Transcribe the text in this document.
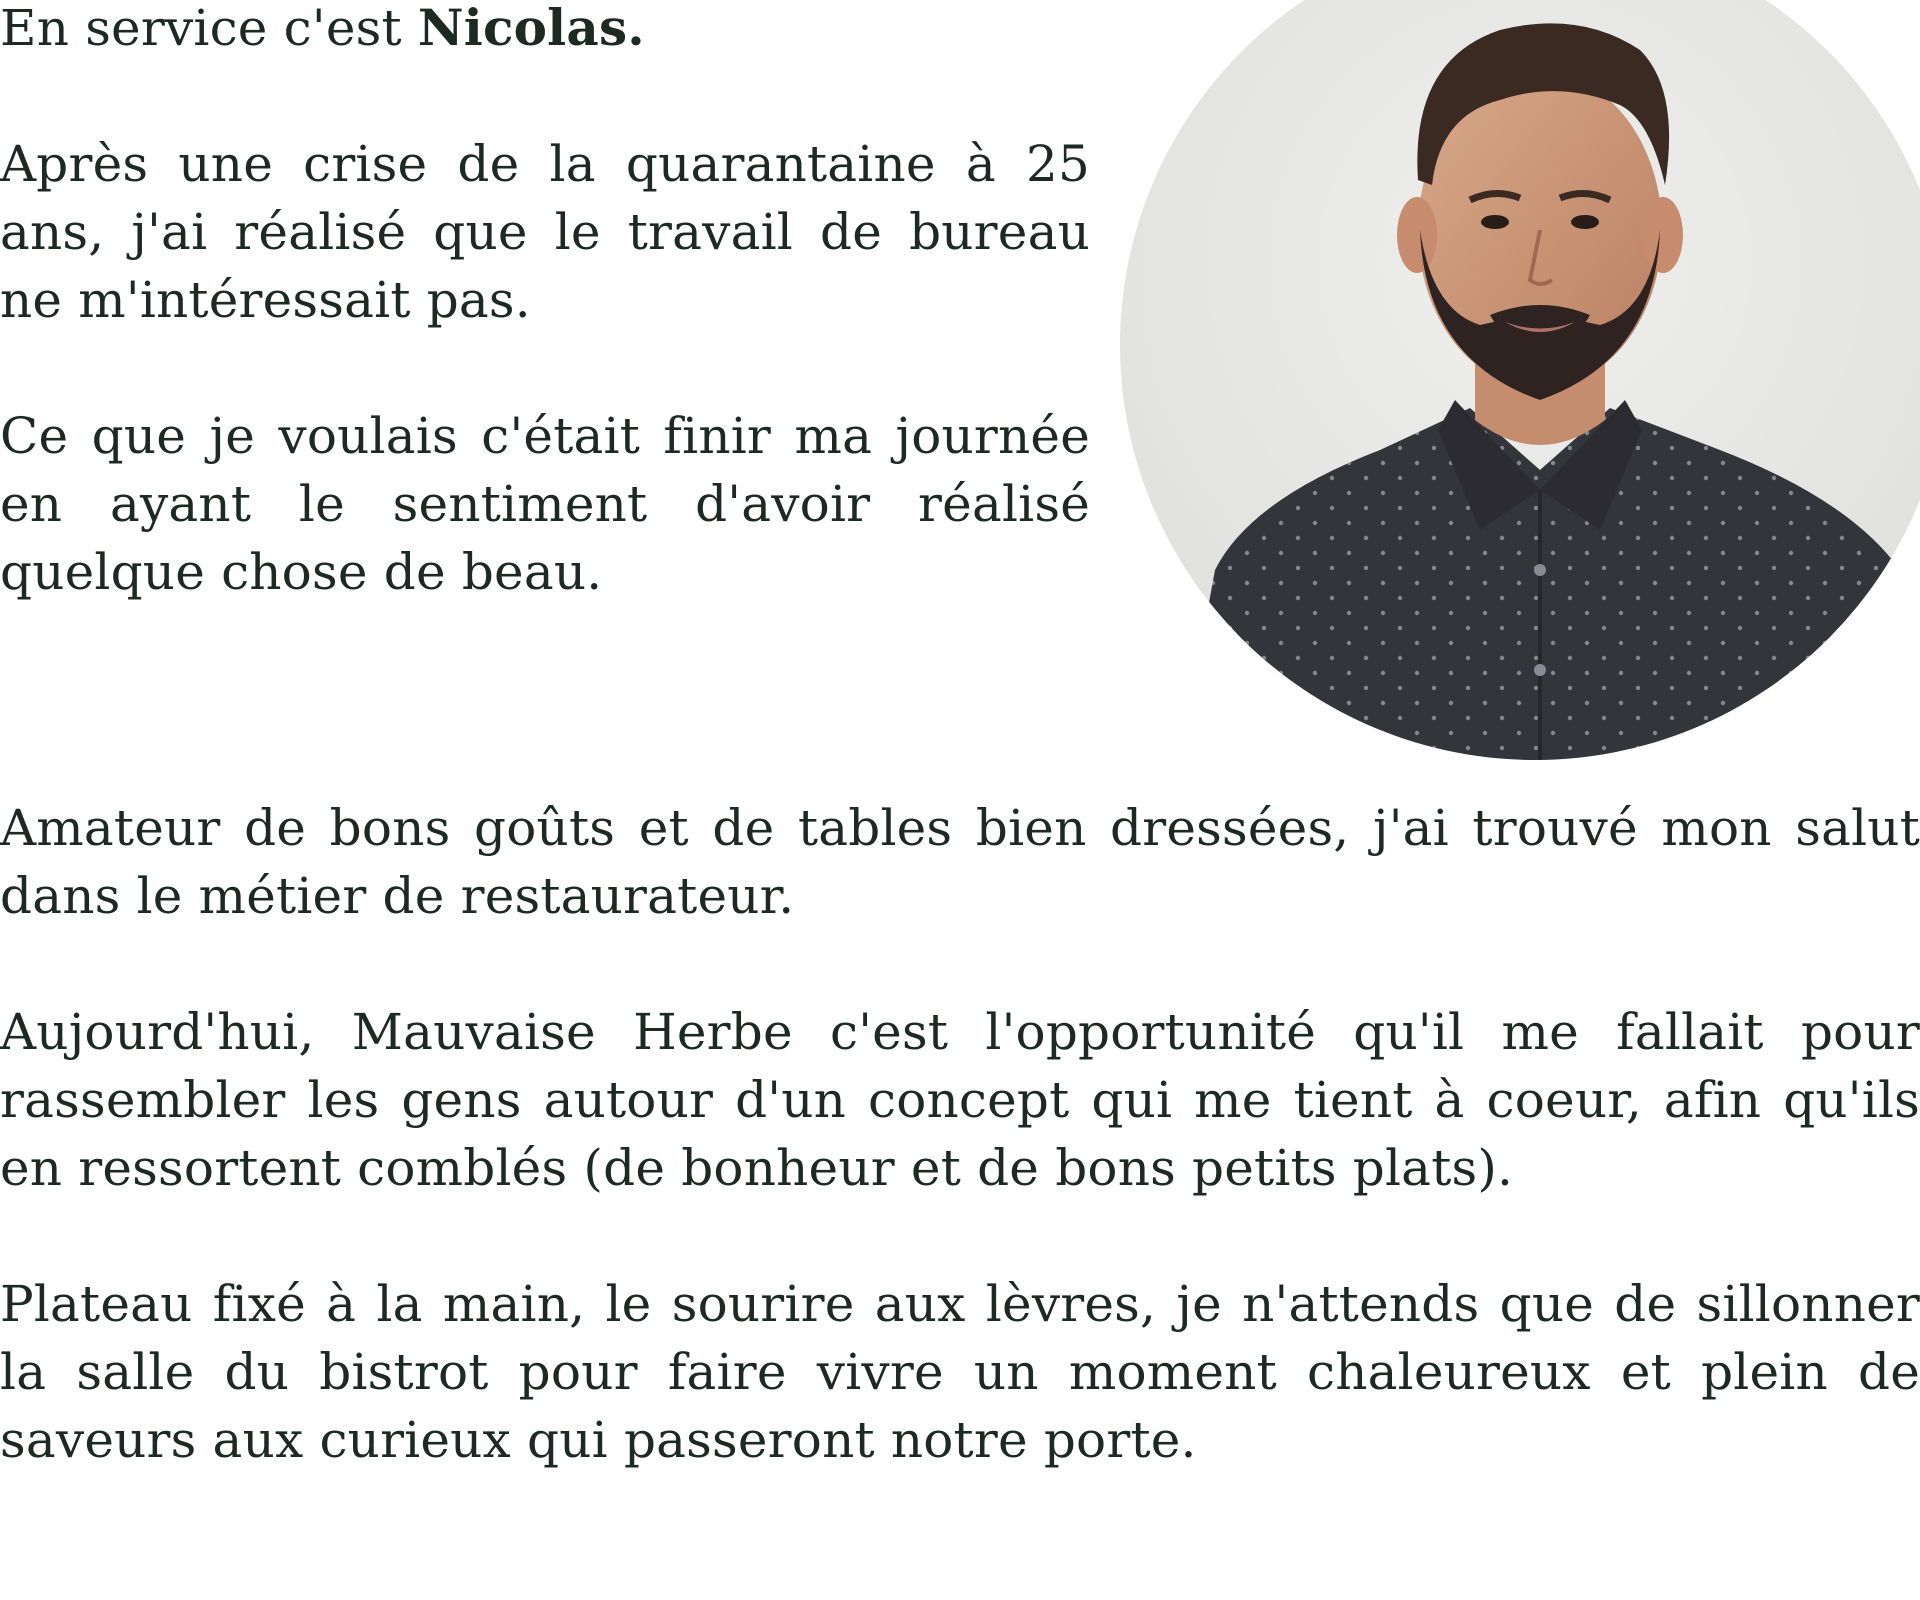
En service c'est Nicolas.

Après une crise de la quarantaine à 25 ans, j'ai réalisé que le travail de bureau ne m'intéressait pas.

Ce que je voulais c'était finir ma journée en ayant le sentiment d'avoir réalisé quelque chose de beau.

Amateur de bons goûts et de tables bien dressées, j'ai trouvé mon salut dans le métier de restaurateur.

Aujourd'hui, Mauvaise Herbe c'est l'opportunité qu'il me fallait pour rassembler les gens autour d'un concept qui me tient à coeur, afin qu'ils en ressortent comblés (de bonheur et de bons petits plats).

Plateau fixé à la main, le sourire aux lèvres, je n'attends que de sillonner la salle du bistrot pour faire vivre un moment chaleureux et plein de saveurs aux curieux qui passeront notre porte.
